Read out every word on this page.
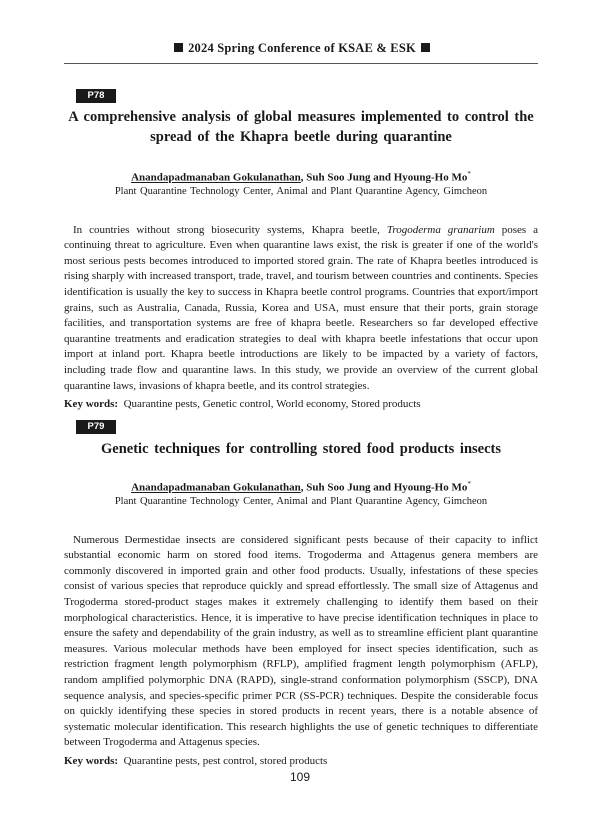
2024 Spring Conference of KSAE & ESK
P78
A comprehensive analysis of global measures implemented to control the spread of the Khapra beetle during quarantine
Anandapadmanaban Gokulanathan, Suh Soo Jung and Hyoung-Ho Mo*
Plant Quarantine Technology Center, Animal and Plant Quarantine Agency, Gimcheon

In countries without strong biosecurity systems, Khapra beetle, Trogoderma granarium poses a continuing threat to agriculture. Even when quarantine laws exist, the risk is greater if one of the world's most serious pests becomes introduced to imported stored grain. The rate of Khapra beetles introduced is rising sharply with increased transport, trade, travel, and tourism between countries and continents. Species identification is usually the key to success in Khapra beetle control programs. Countries that export/import grains, such as Australia, Canada, Russia, Korea and USA, must ensure that their ports, grain storage facilities, and transportation systems are free of khapra beetle. Researchers so far developed effective quarantine treatments and eradication strategies to deal with khapra beetle infestations that occur upon import at inland port. Khapra beetle introductions are likely to be impacted by a variety of factors, including trade flow and quarantine laws. In this study, we provide an overview of the current global quarantine laws, invasions of khapra beetle, and its control strategies.

Key words: Quarantine pests, Genetic control, World economy, Stored products
P79
Genetic techniques for controlling stored food products insects
Anandapadmanaban Gokulanathan, Suh Soo Jung and Hyoung-Ho Mo*
Plant Quarantine Technology Center, Animal and Plant Quarantine Agency, Gimcheon

Numerous Dermestidae insects are considered significant pests because of their capacity to inflict substantial economic harm on stored food items. Trogoderma and Attagenus genera members are commonly discovered in imported grain and other food products. Usually, infestations of these species consist of various species that reproduce quickly and spread effortlessly. The small size of Attagenus and Trogoderma stored-product stages makes it extremely challenging to identify them based on their morphological characteristics. Hence, it is imperative to have precise identification techniques in place to ensure the safety and dependability of the grain industry, as well as to streamline efficient plant quarantine measures. Various molecular methods have been employed for insect species identification, such as restriction fragment length polymorphism (RFLP), amplified fragment length polymorphism (AFLP), random amplified polymorphic DNA (RAPD), single-strand conformation polymorphism (SSCP), DNA sequence analysis, and species-specific primer PCR (SS-PCR) techniques. Despite the considerable focus on quickly identifying these species in stored products in recent years, there is a notable absence of systematic molecular identification. This research highlights the use of genetic techniques to differentiate between Trogoderma and Attagenus species.

Key words: Quarantine pests, pest control, stored products
109
